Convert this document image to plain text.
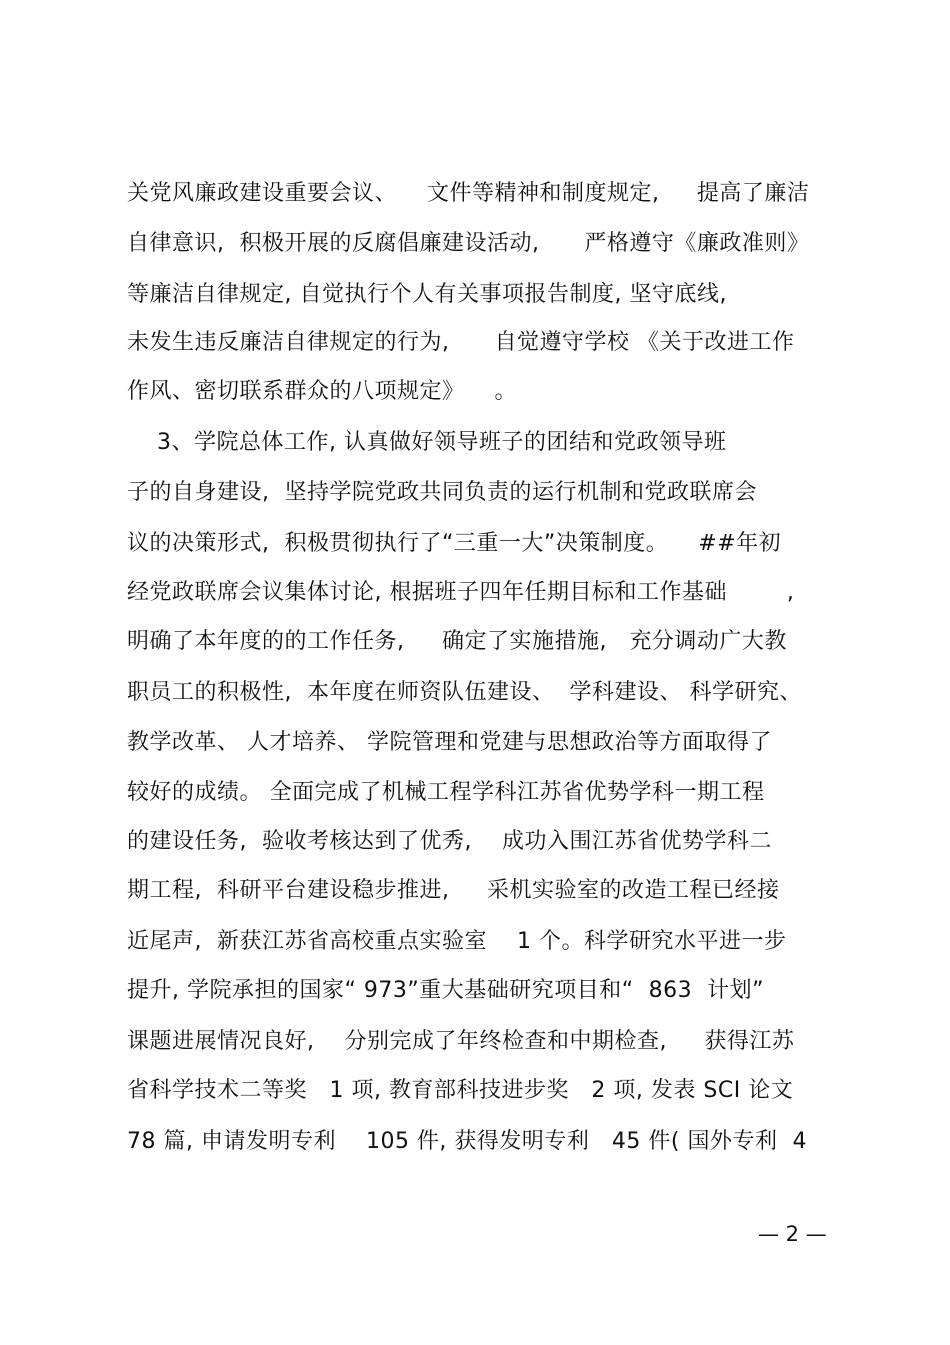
关党风廉政建设重要会议、    文件等精神和制度规定,     提高了廉洁
自律意识,  积极开展的反腐倡廉建设活动,      严格遵守《廉政准则》
等廉洁自律规定, 自觉执行个人有关事项报告制度, 坚守底线,
未发生违反廉洁自律规定的行为,      自觉遵守学校 《关于改进工作
作风、密切联系群众的八项规定》    。
3、学院总体工作, 认真做好领导班子的团结和党政领导班
子的自身建设,  坚持学院党政共同负责的运行机制和党政联席会
议的决策形式,  积极贯彻执行了“三重一大”决策制度。    ##年初
经党政联席会议集体讨论, 根据班子四年任期目标和工作基础        ,
明确了本年度的的工作任务,     确定了实施措施,   充分调动广大教
职员工的积极性,  本年度在师资队伍建设、  学科建设、 科学研究、
教学改革、 人才培养、 学院管理和党建与思想政治等方面取得了
较好的成绩。 全面完成了机械工程学科江苏省优势学科一期工程
的建设任务,  验收考核达到了优秀,    成功入围江苏省优势学科二
期工程,  科研平台建设稳步推进,     采机实验室的改造工程已经接
近尾声,  新获江苏省高校重点实验室    1 个。科学研究水平进一步
提升, 学院承担的国家“ 973”重大基础研究项目和“  863  计划”
课题进展情况良好,    分别完成了年终检查和中期检查,     获得江苏
省科学技术二等奖   1 项, 教育部科技进步奖   2 项, 发表 SCI 论文
78 篇, 申请发明专利    105 件, 获得发明专利   45 件( 国外专利  4
— 2 —
